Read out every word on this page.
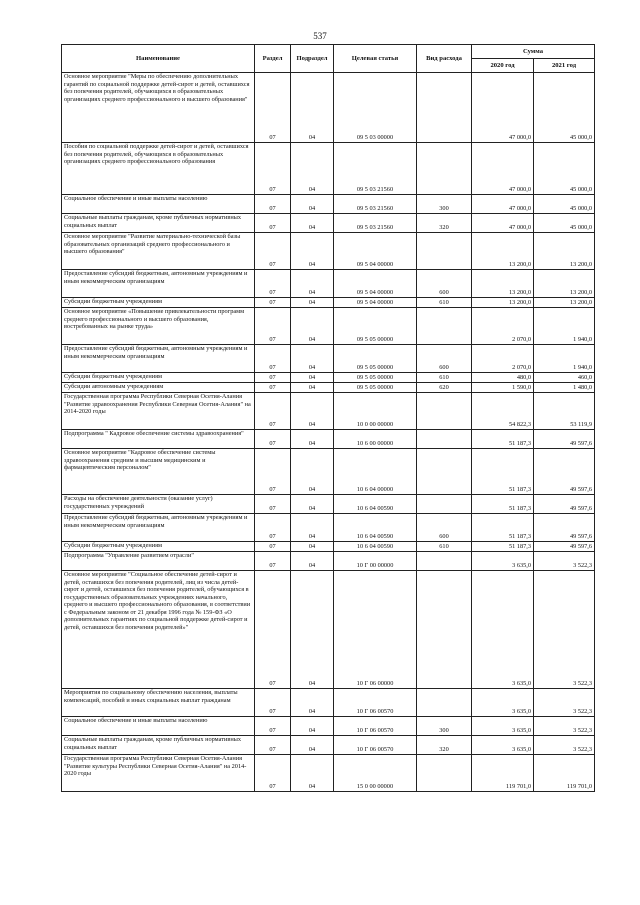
537
Наименование	Раздел	Подраздел	Целевая статья	Вид расхода	Сумма	
					2020 год	2021 год
Основное мероприятие "Меры по обеспечению дополнительных гарантий по социальной поддержке детей-сирот и детей, оставшихся без попечения родителей, обучающихся в образовательных организациях среднего профессионального и высшего образования"	07	04	09 5 03 00000		47 000,0	45 000,0
Пособия по социальной поддержке детей-сирот и детей, оставшихся без попечения родителей, обучающихся в образовательных организациях среднего профессионального образования	07	04	09 5 03 21560		47 000,0	45 000,0
Социальное обеспечение и иные выплаты населению	07	04	09 5 03 21560	300	47 000,0	45 000,0
Социальные выплаты гражданам, кроме публичных нормативных социальных выплат	07	04	09 5 03 21560	320	47 000,0	45 000,0
Основное мероприятие "Развитие материально-технической базы образовательных организаций среднего профессионального и высшего образования"	07	04	09 5 04 00000		13 200,0	13 200,0
Предоставление субсидий бюджетным, автономным учреждениям и иным некоммерческим организациям	07	04	09 5 04 00000	600	13 200,0	13 200,0
Субсидии бюджетным учреждениям	07	04	09 5 04 00000	610	13 200,0	13 200,0
Основное мероприятие «Повышение привлекательности программ среднего профессионального и высшего образования, востребованных на рынке труда»	07	04	09 5 05 00000		2 070,0	1 940,0
Предоставление субсидий бюджетным, автономным учреждениям и иным некоммерческим организациям	07	04	09 5 05 00000	600	2 070,0	1 940,0
Субсидии бюджетным учреждениям	07	04	09 5 05 00000	610	480,0	460,0
Субсидии автономным учреждениям	07	04	09 5 05 00000	620	1 590,0	1 480,0
Государственная программа Республики Северная Осетия-Алания "Развитие здравоохранения Республики Северная Осетия-Алания" на 2014-2020 годы	07	04	10 0 00 00000		54 822,3	53 119,9
Подпрограмма " Кадровое обеспечение системы здравоохранения"	07	04	10 6 00 00000		51 187,3	49 597,6
Основное мероприятие "Кадровое обеспечение системы здравоохранения средним и высшим медицинским и фармацевтическим персоналом"	07	04	10 6 04 00000		51 187,3	49 597,6
Расходы на обеспечение деятельности (оказание услуг) государственных учреждений	07	04	10 6 04 00590		51 187,3	49 597,6
Предоставление субсидий бюджетным, автономным учреждениям и иным некоммерческим организациям	07	04	10 6 04 00590	600	51 187,3	49 597,6
Субсидии бюджетным учреждениям	07	04	10 6 04 00590	610	51 187,3	49 597,6
Подпрограмма "Управление развитием отрасли"	07	04	10 Г 00 00000		3 635,0	3 522,3
Основное мероприятие "Социальное обеспечение детей-сирот и детей, оставшихся без попечения родителей, лиц из числа детей-сирот и детей, оставшихся без попечения родителей, обучающихся в государственных образовательных учреждениях начального, среднего и высшего профессионального образования, в соответствии с Федеральным законом от 21 декабря 1996 года № 159-ФЗ «О дополнительных гарантиях по социальной поддержке детей-сирот и детей, оставшихся без попечения родителей»"	07	04	10 Г 06 00000		3 635,0	3 522,3
Мероприятия по социальному обеспечению населения, выплаты компенсаций, пособий и иных социальных выплат гражданам	07	04	10 Г 06 00570		3 635,0	3 522,3
Социальное обеспечение и иные выплаты населению	07	04	10 Г 06 00570	300	3 635,0	3 522,3
Социальные выплаты гражданам, кроме публичных нормативных социальных выплат	07	04	10 Г 06 00570	320	3 635,0	3 522,3
Государственная программа Республики Северная Осетия-Алания "Развитие культуры Республики Северная Осетия-Алания" на 2014-2020 годы	07	04	15 0 00 00000		119 701,0	119 701,0
